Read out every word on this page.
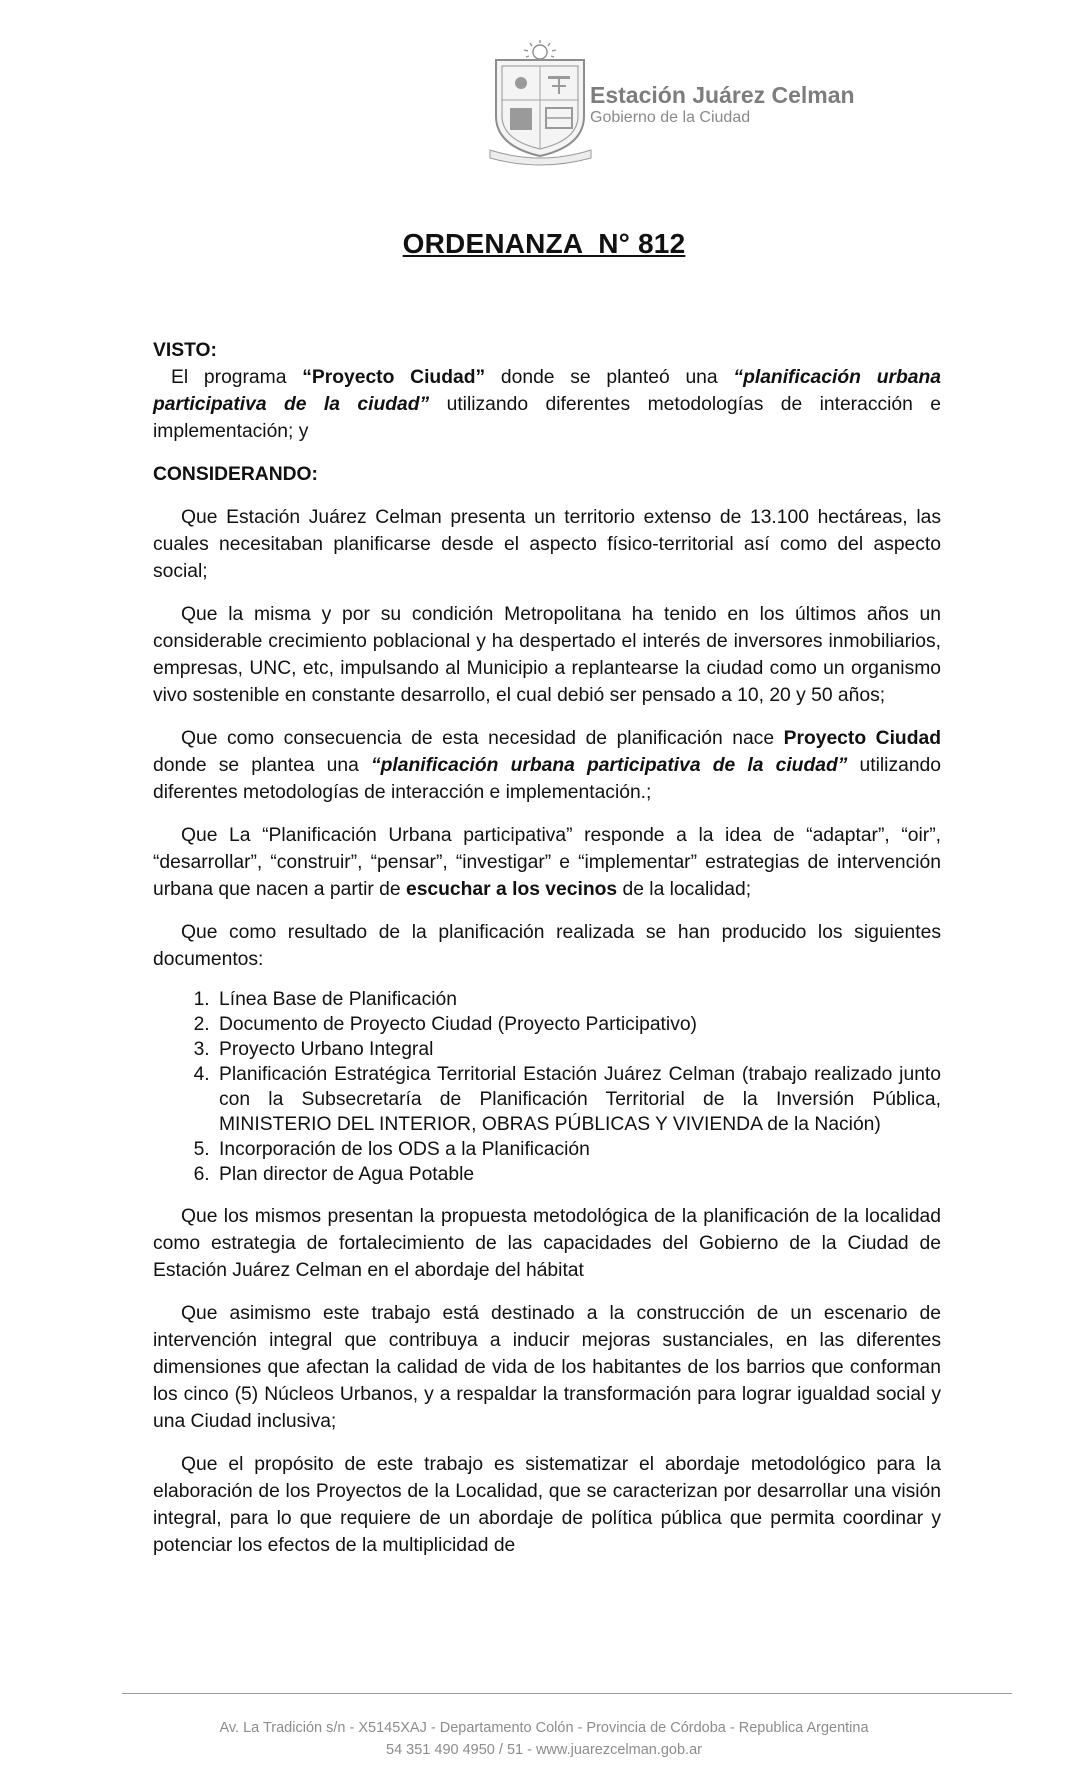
Estación Juárez Celman
Gobierno de la Ciudad
ORDENANZA  N° 812

VISTO:

El programa “Proyecto Ciudad” donde se planteó una “planificación urbana participativa de la ciudad” utilizando diferentes metodologías de interacción e implementación; y

CONSIDERANDO:

Que Estación Juárez Celman presenta un territorio extenso de 13.100 hectáreas, las cuales necesitaban planificarse desde el aspecto físico-territorial así como del aspecto social;

Que la misma y por su condición Metropolitana ha tenido en los últimos años un considerable crecimiento poblacional y ha despertado el interés de inversores inmobiliarios, empresas, UNC, etc, impulsando al Municipio a replantearse la ciudad como un organismo vivo sostenible en constante desarrollo, el cual debió ser pensado a 10, 20 y 50 años;

Que como consecuencia de esta necesidad de planificación nace Proyecto Ciudad donde se plantea una “planificación urbana participativa de la ciudad” utilizando diferentes metodologías de interacción e implementación.;

Que La “Planificación Urbana participativa” responde a la idea de “adaptar”, “oir”, “desarrollar”, “construir”, “pensar”, “investigar” e “implementar” estrategias de intervención urbana que nacen a partir de escuchar a los vecinos de la localidad;

Que como resultado de la planificación realizada se han producido los siguientes documentos:

1. Línea Base de Planificación
2. Documento de Proyecto Ciudad (Proyecto Participativo)
3. Proyecto Urbano Integral
4. Planificación Estratégica Territorial Estación Juárez Celman (trabajo realizado junto con la Subsecretaría de Planificación Territorial de la Inversión Pública, MINISTERIO DEL INTERIOR, OBRAS PÚBLICAS Y VIVIENDA de la Nación)
5. Incorporación de los ODS a la Planificación
6. Plan director de Agua Potable

Que los mismos presentan la propuesta metodológica de la planificación de la localidad como estrategia de fortalecimiento de las capacidades del Gobierno de la Ciudad de Estación Juárez Celman en el abordaje del hábitat

Que asimismo este trabajo está destinado a la construcción de un escenario de intervención integral que contribuya a inducir mejoras sustanciales, en las diferentes dimensiones que afectan la calidad de vida de los habitantes de los barrios que conforman los cinco (5) Núcleos Urbanos, y a respaldar la transformación para lograr igualdad social y una Ciudad inclusiva;

Que el propósito de este trabajo es sistematizar el abordaje metodológico para la elaboración de los Proyectos de la Localidad, que se caracterizan por desarrollar una visión integral, para lo que requiere de un abordaje de política pública que permita coordinar y potenciar los efectos de la multiplicidad de

Av. La Tradición s/n - X5145XAJ - Departamento Colón - Provincia de Córdoba - Republica Argentina
54 351 490 4950 / 51 - www.juarezcelman.gob.ar
